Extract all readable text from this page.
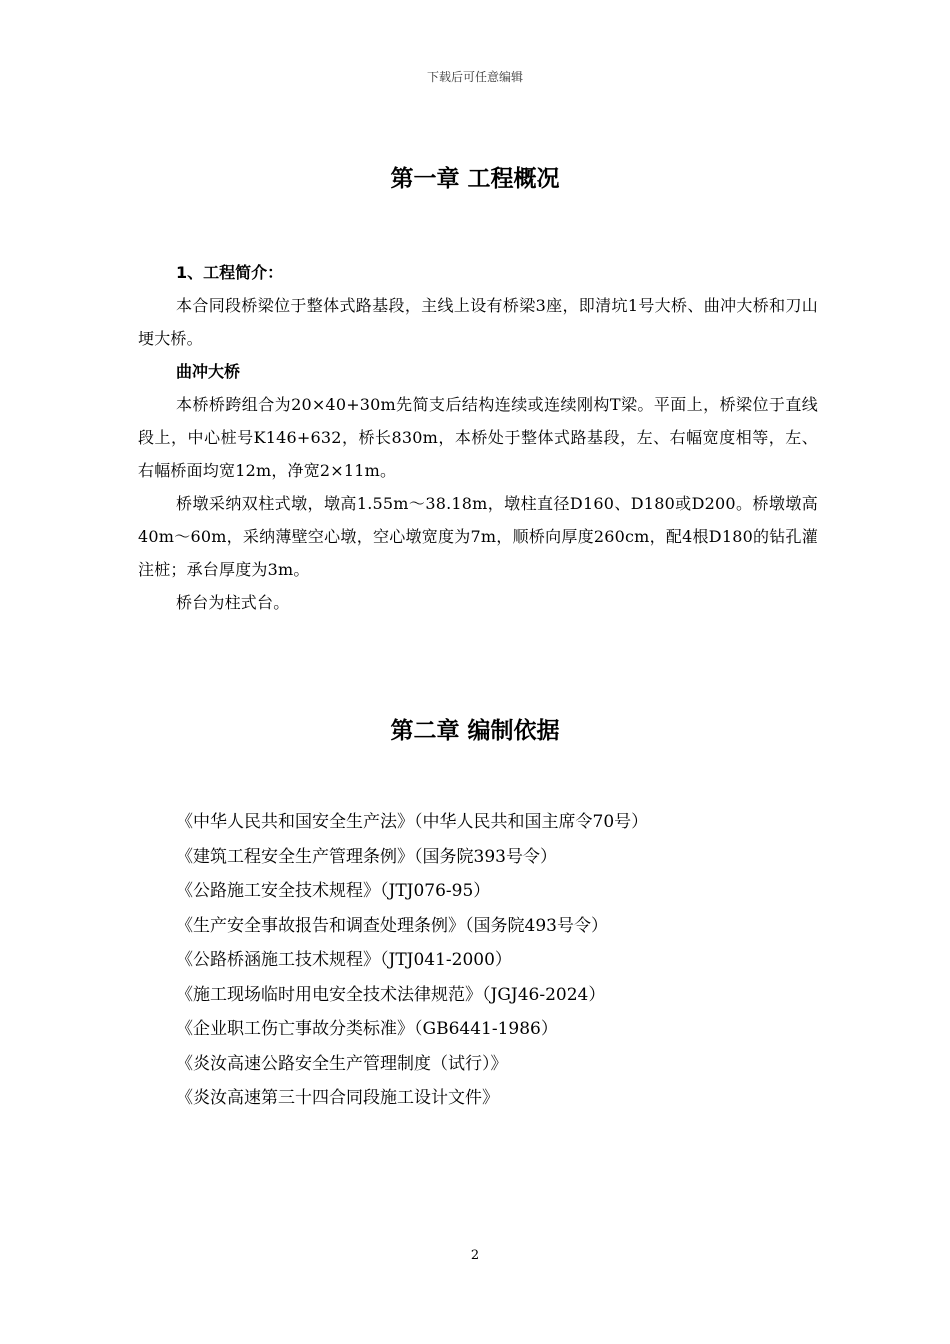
下载后可任意编辑
第一章 工程概况
1、工程简介：

本合同段桥梁位于整体式路基段，主线上设有桥梁3座，即清坑1号大桥、曲冲大桥和刀山埂大桥。

曲冲大桥

本桥桥跨组合为20×40+30m先简支后结构连续或连续刚构T梁。平面上，桥梁位于直线段上，中心桩号K146+632，桥长830m，本桥处于整体式路基段，左、右幅宽度相等，左、右幅桥面均宽12m，净宽2×11m。

桥墩采纳双柱式墩，墩高1.55m～38.18m，墩柱直径D160、D180或D200。桥墩墩高40m～60m，采纳薄壁空心墩，空心墩宽度为7m，顺桥向厚度260cm，配4根D180的钻孔灌注桩；承台厚度为3m。

桥台为柱式台。

第二章 编制依据
《中华人民共和国安全生产法》（中华人民共和国主席令70号）
《建筑工程安全生产管理条例》（国务院393号令）
《公路施工安全技术规程》（JTJ076-95）
《生产安全事故报告和调查处理条例》（国务院493号令）
《公路桥涵施工技术规程》（JTJ041-2000）
《施工现场临时用电安全技术法律规范》（JGJ46-2024）
《企业职工伤亡事故分类标准》（GB6441-1986）
《炎汝高速公路安全生产管理制度（试行）》
《炎汝高速第三十四合同段施工设计文件》
2
